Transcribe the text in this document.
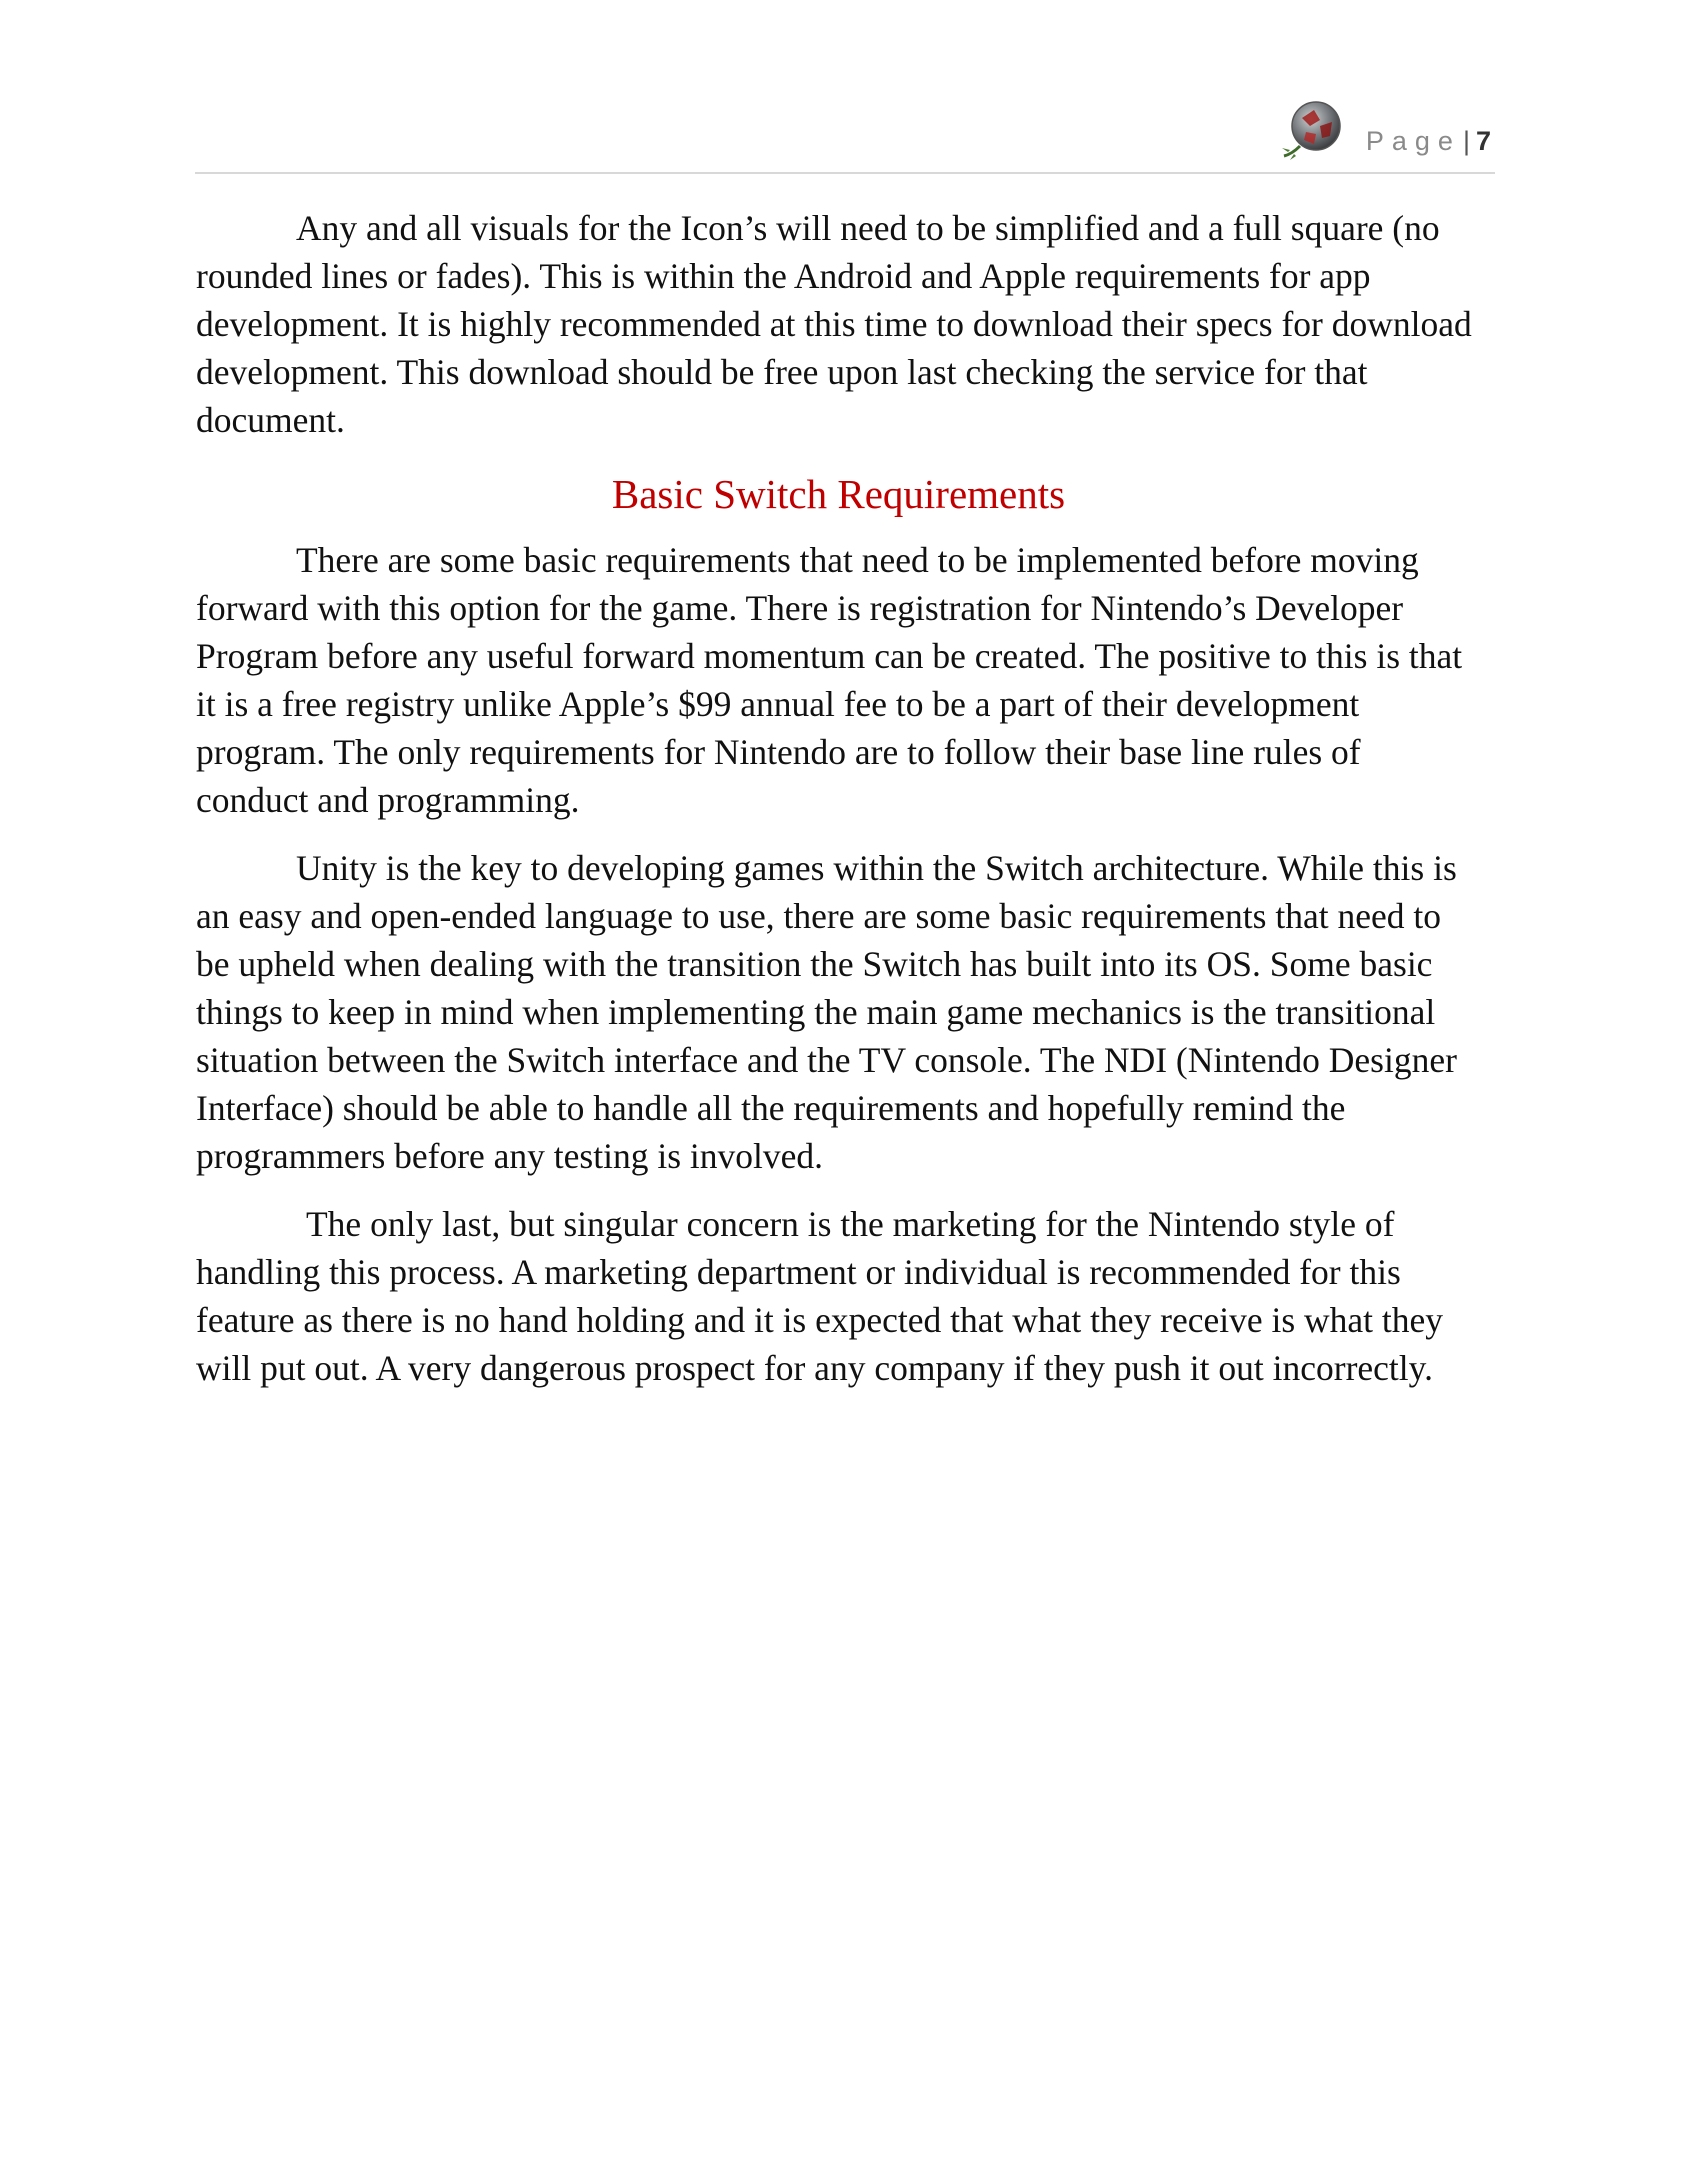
Page| 7

Any and all visuals for the Icon’s will need to be simplified and a full square (no rounded lines or fades). This is within the Android and Apple requirements for app development. It is highly recommended at this time to download their specs for download development. This download should be free upon last checking the service for that document.

Basic Switch Requirements

There are some basic requirements that need to be implemented before moving forward with this option for the game. There is registration for Nintendo’s Developer Program before any useful forward momentum can be created. The positive to this is that it is a free registry unlike Apple’s $99 annual fee to be a part of their development program. The only requirements for Nintendo are to follow their base line rules of conduct and programming.

Unity is the key to developing games within the Switch architecture. While this is an easy and open-ended language to use, there are some basic requirements that need to be upheld when dealing with the transition the Switch has built into its OS. Some basic things to keep in mind when implementing the main game mechanics is the transitional situation between the Switch interface and the TV console. The NDI (Nintendo Designer Interface) should be able to handle all the requirements and hopefully remind the programmers before any testing is involved.

The only last, but singular concern is the marketing for the Nintendo style of handling this process. A marketing department or individual is recommended for this feature as there is no hand holding and it is expected that what they receive is what they will put out. A very dangerous prospect for any company if they push it out incorrectly.
